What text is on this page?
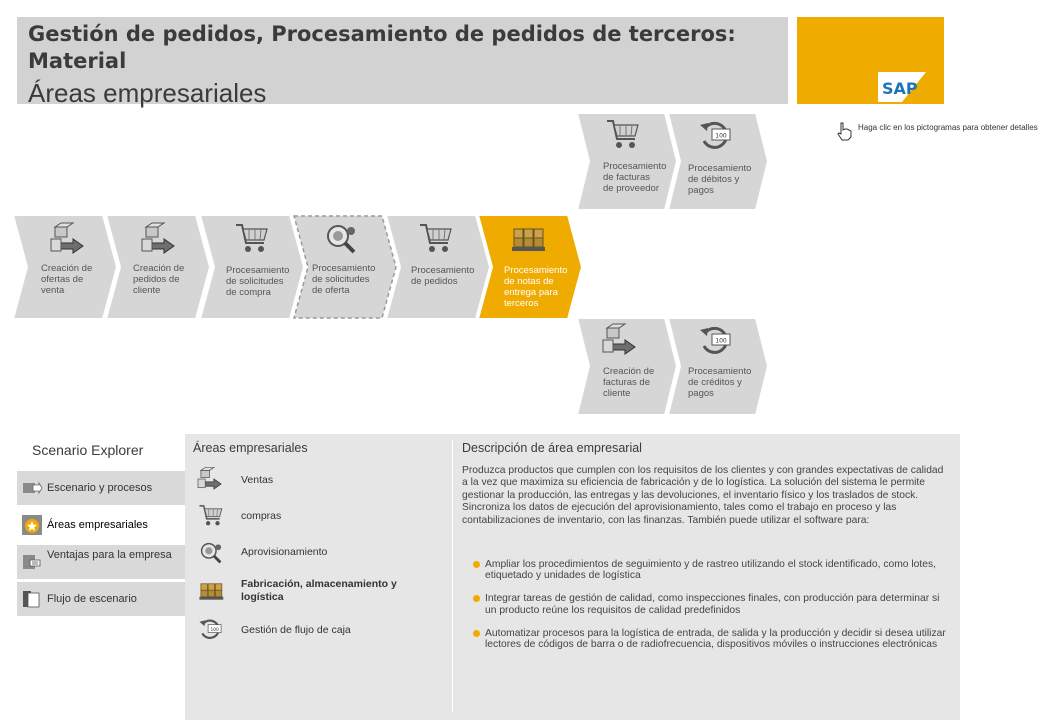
Gestión de pedidos, Procesamiento de pedidos de terceros: Material
Áreas empresariales	SAP
Haga clic en los pictogramas para obtener detalles
Creación de ofertas de venta
Creación de pedidos de cliente
Procesamiento de solicitudes de compra
Procesamiento de solicitudes de oferta
Procesamiento de pedidos
Procesamiento de notas de entrega para terceros
Procesamiento de facturas de proveedor
Procesamiento de débitos y pagos
Creación de facturas de cliente
Procesamiento de créditos y pagos
Scenario Explorer
Escenario y procesos
Áreas empresariales
Ventajas para la empresa
Flujo de escenario
Áreas empresariales
Ventas
compras
Aprovisionamiento
Fabricación, almacenamiento y logística
Gestión de flujo de caja
Descripción de área empresarial
Produzca productos que cumplen con los requisitos de los clientes y con grandes expectativas de calidad a la vez que maximiza su eficiencia de fabricación y de lo logística. La solución del sistema le permite gestionar la producción, las entregas y las devoluciones, el inventario físico y los traslados de stock. Sincroniza los datos de ejecución del aprovisionamiento, tales como el trabajo en proceso y las contabilizaciones de inventario, con las finanzas. También puede utilizar el software para:
Ampliar los procedimientos de seguimiento y de rastreo utilizando el stock identificado, como lotes, etiquetado y unidades de logística
Integrar tareas de gestión de calidad, como inspecciones finales, con producción para determinar si un producto reúne los requisitos de calidad predefinidos
Automatizar procesos para la logística de entrada, de salida y la producción y decidir si desea utilizar lectores de códigos de barra o de radiofrecuencia, dispositivos móviles o instrucciones electrónicas
